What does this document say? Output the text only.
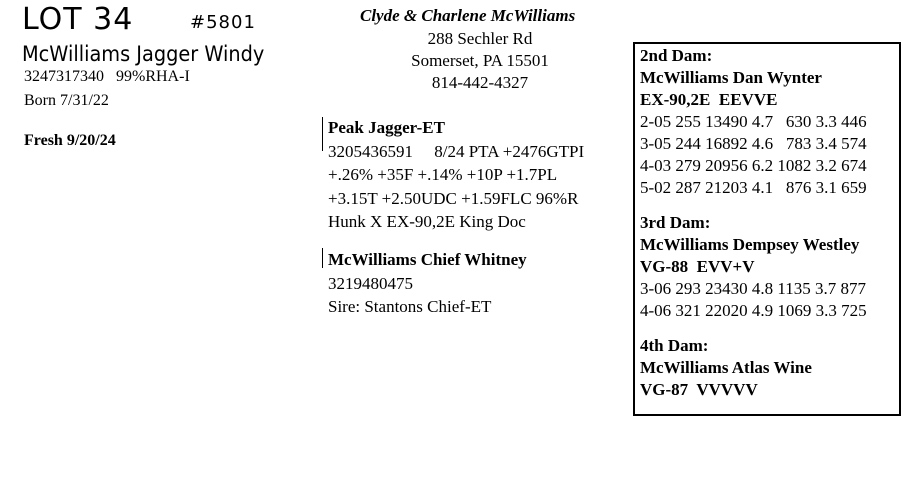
LOT 34	#5801
McWilliams Jagger Windy
3247317340   99%RHA-I
Born 7/31/22
Fresh 9/20/24
Clyde & Charlene McWilliams
288 Sechler Rd
Somerset, PA 15501
814-442-4327
Peak Jagger-ET
3205436591     8/24 PTA +2476GTPI
+.26% +35F +.14% +10P +1.7PL
+3.15T +2.50UDC +1.59FLC 96%R
Hunk X EX-90,2E King Doc
McWilliams Chief Whitney
3219480475
Sire: Stantons Chief-ET
2nd Dam:
McWilliams Dan Wynter
EX-90,2E  EEVVE
2-05 255 13490 4.7   630 3.3 446
3-05 244 16892 4.6   783 3.4 574
4-03 279 20956 6.2 1082 3.2 674
5-02 287 21203 4.1   876 3.1 659
3rd Dam:
McWilliams Dempsey Westley
VG-88  EVV+V
3-06 293 23430 4.8 1135 3.7 877
4-06 321 22020 4.9 1069 3.3 725
4th Dam:
McWilliams Atlas Wine
VG-87  VVVVV
